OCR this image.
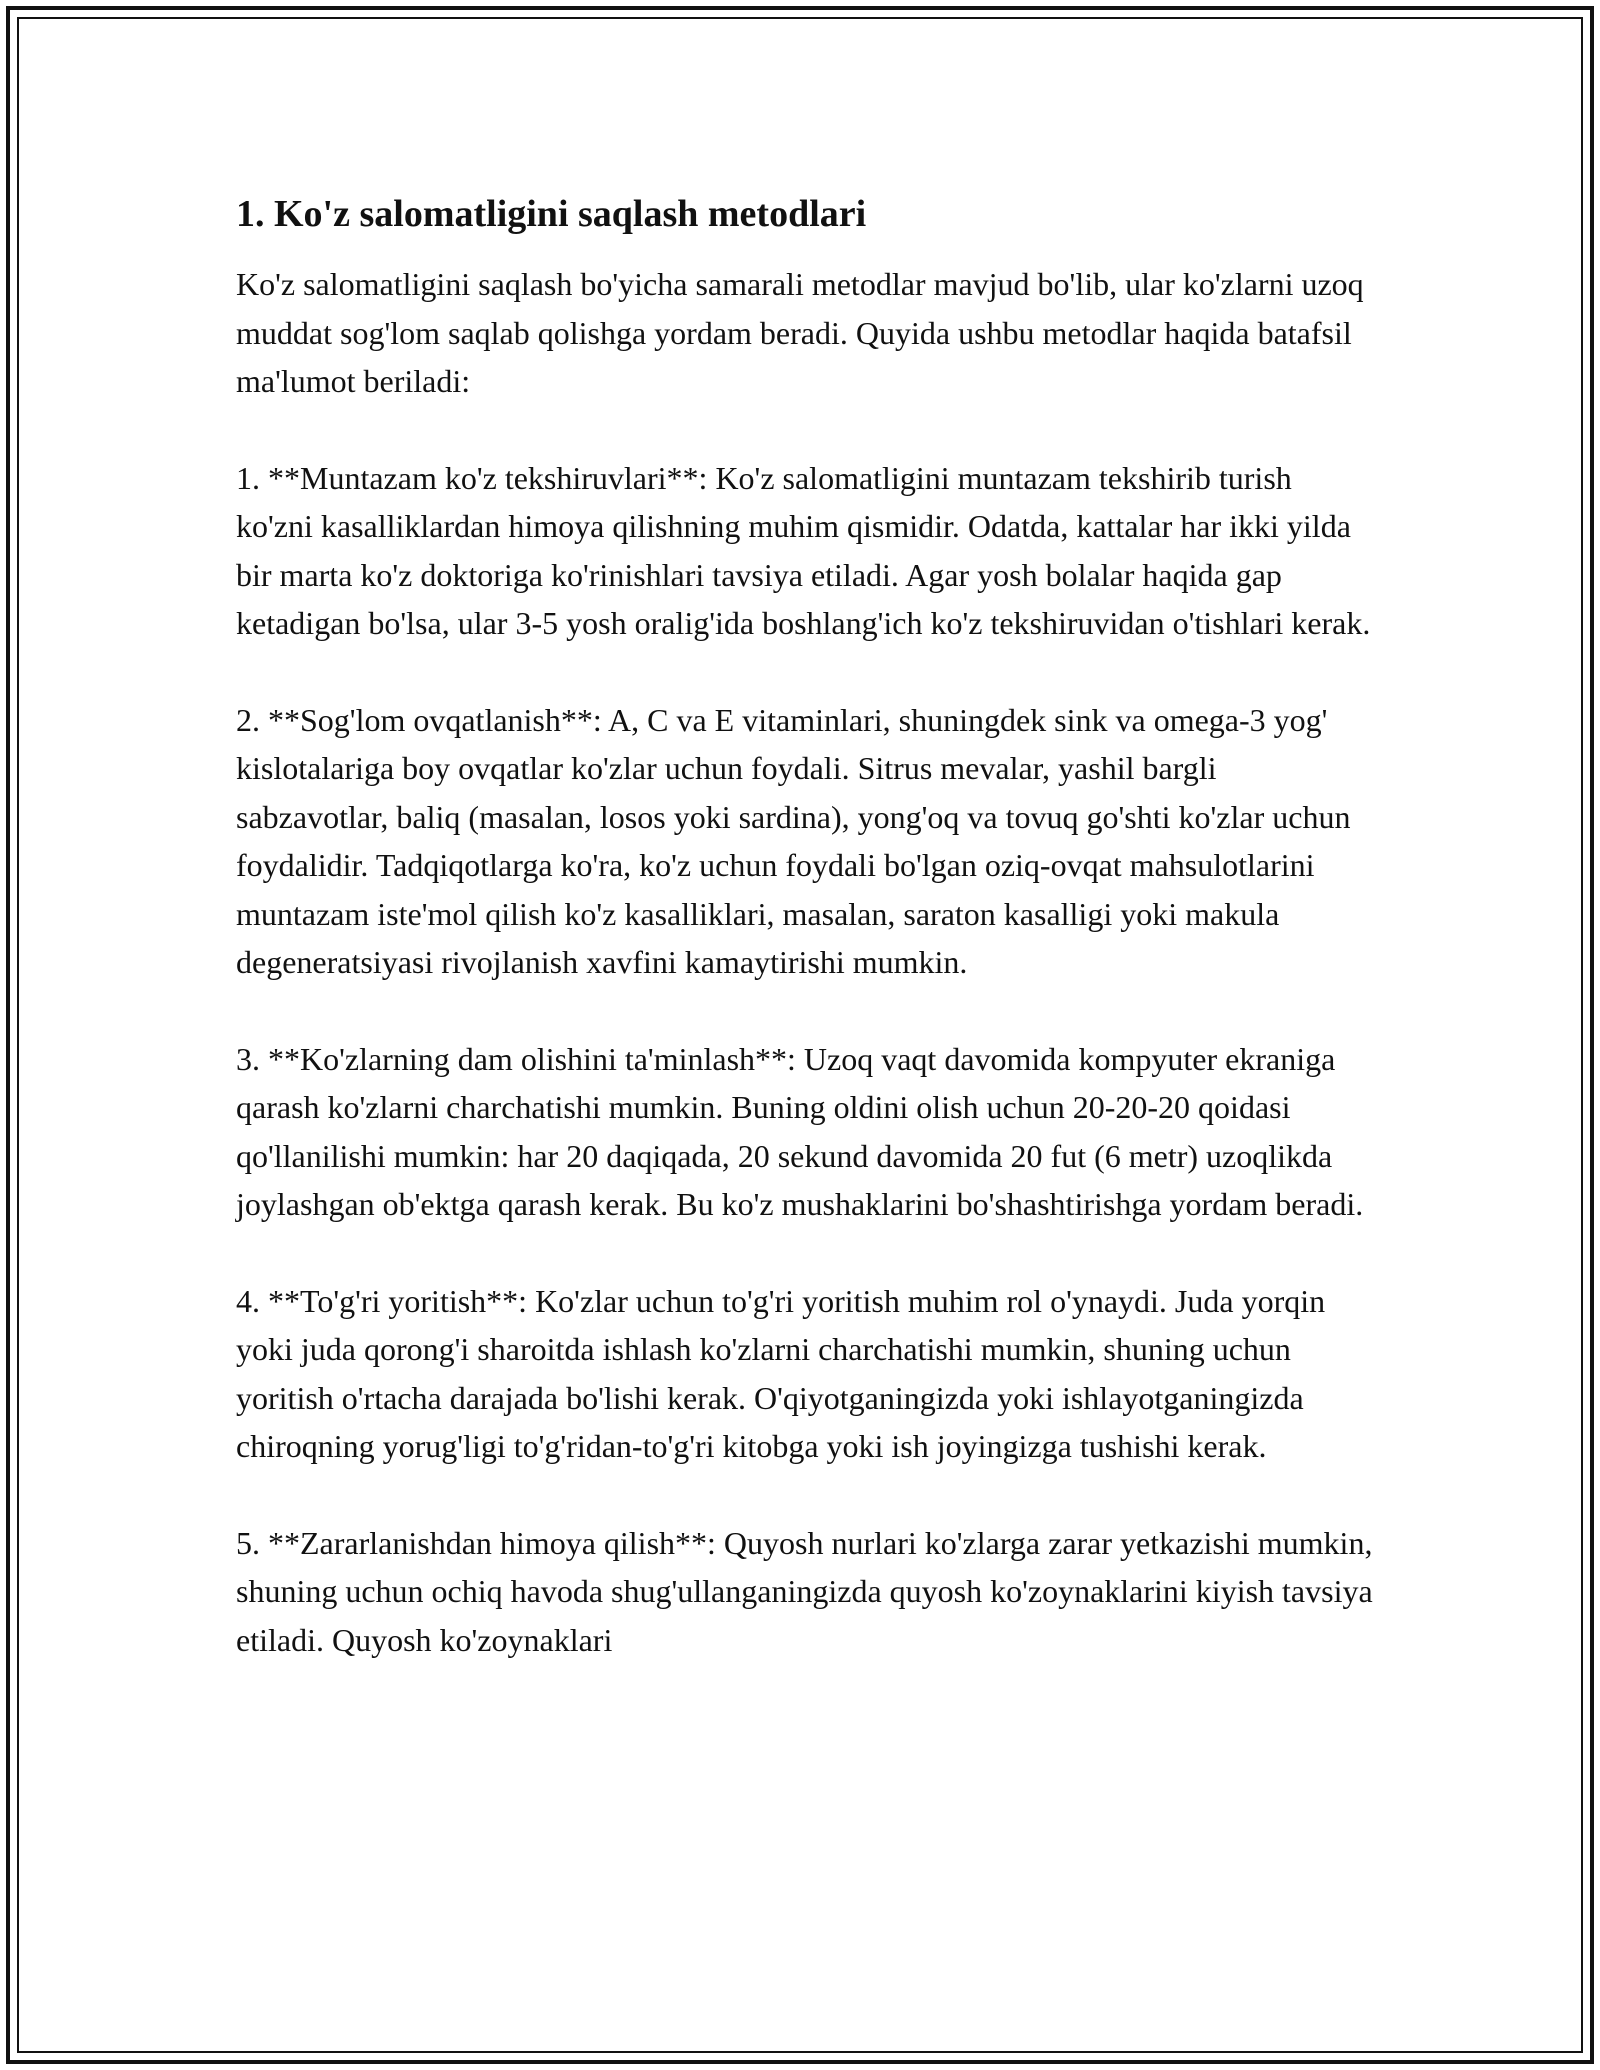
1. Ko'z salomatligini saqlash metodlari

Ko'z salomatligini saqlash bo'yicha samarali metodlar mavjud bo'lib, ular ko'zlarni uzoq muddat sog'lom saqlab qolishga yordam beradi. Quyida ushbu metodlar haqida batafsil ma'lumot beriladi:

1. **Muntazam ko'z tekshiruvlari**: Ko'z salomatligini muntazam tekshirib turish ko'zni kasalliklardan himoya qilishning muhim qismidir. Odatda, kattalar har ikki yilda bir marta ko'z doktoriga ko'rinishlari tavsiya etiladi. Agar yosh bolalar haqida gap ketadigan bo'lsa, ular 3-5 yosh oralig'ida boshlang'ich ko'z tekshiruvidan o'tishlari kerak.

2. **Sog'lom ovqatlanish**: A, C va E vitaminlari, shuningdek sink va omega-3 yog' kislotalariga boy ovqatlar ko'zlar uchun foydali. Sitrus mevalar, yashil bargli sabzavotlar, baliq (masalan, losos yoki sardina), yong'oq va tovuq go'shti ko'zlar uchun foydalidir. Tadqiqotlarga ko'ra, ko'z uchun foydali bo'lgan oziq-ovqat mahsulotlarini muntazam iste'mol qilish ko'z kasalliklari, masalan, saraton kasalligi yoki makula degeneratsiyasi rivojlanish xavfini kamaytirishi mumkin.

3. **Ko'zlarning dam olishini ta'minlash**: Uzoq vaqt davomida kompyuter ekraniga qarash ko'zlarni charchatishi mumkin. Buning oldini olish uchun 20-20-20 qoidasi qo'llanilishi mumkin: har 20 daqiqada, 20 sekund davomida 20 fut (6 metr) uzoqlikda joylashgan ob'ektga qarash kerak. Bu ko'z mushaklarini bo'shashtirishga yordam beradi.

4. **To'g'ri yoritish**: Ko'zlar uchun to'g'ri yoritish muhim rol o'ynaydi. Juda yorqin yoki juda qorong'i sharoitda ishlash ko'zlarni charchatishi mumkin, shuning uchun yoritish o'rtacha darajada bo'lishi kerak. O'qiyotganingizda yoki ishlayotganingizda chiroqning yorug'ligi to'g'ridan-to'g'ri kitobga yoki ish joyingizga tushishi kerak.

5. **Zararlanishdan himoya qilish**: Quyosh nurlari ko'zlarga zarar yetkazishi mumkin, shuning uchun ochiq havoda shug'ullanganingizda quyosh ko'zoynaklarini kiyish tavsiya etiladi. Quyosh ko'zoynaklari
